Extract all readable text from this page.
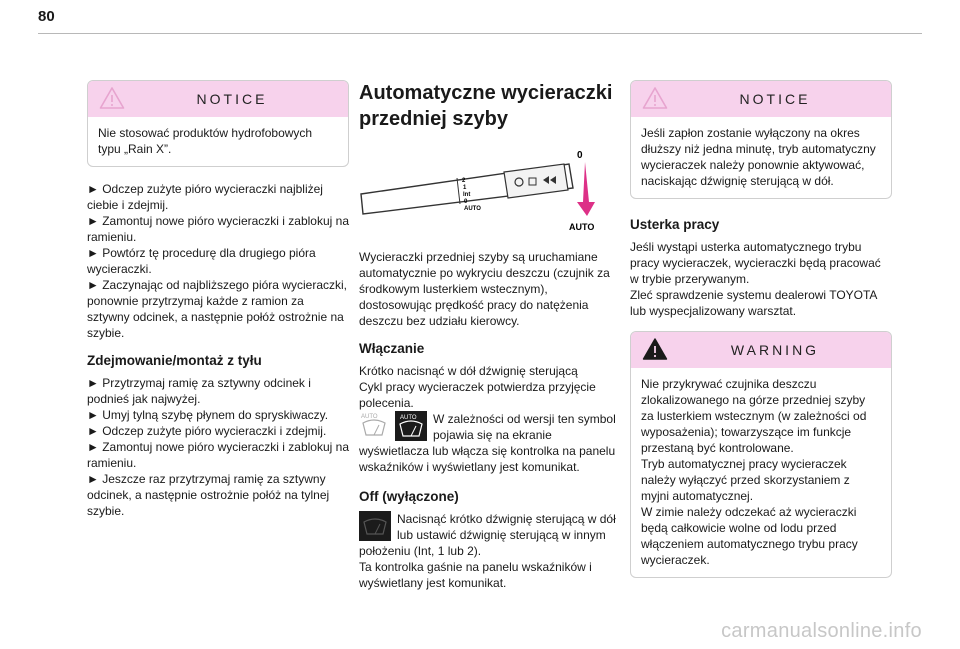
80
NOTICE
Nie stosować produktów hydrofobowych typu „Rain X”.
► Odczep zużyte pióro wycieraczki najbliżej ciebie i zdejmij.
► Zamontuj nowe pióro wycieraczki i zablokuj na ramieniu.
► Powtórz tę procedurę dla drugiego pióra wycieraczki.
► Zaczynając od najbliższego pióra wycieraczki, ponownie przytrzymaj każde z ramion za sztywny odcinek, a następnie połóż ostrożnie na szybie.
Zdejmowanie/montaż z tyłu
► Przytrzymaj ramię za sztywny odcinek i podnieś jak najwyżej.
► Umyj tylną szybę płynem do spryskiwaczy.
► Odczep zużyte pióro wycieraczki i zdejmij.
► Zamontuj nowe pióro wycieraczki i zablokuj na ramieniu.
► Jeszcze raz przytrzymaj ramię za sztywny odcinek, a następnie ostrożnie połóż na tylnej szybie.
Automatyczne wycieraczki
przedniej szyby
2
1
Int
0
AUTO
0
AUTO
Wycieraczki przedniej szyby są uruchamiane automatycznie po wykryciu deszczu (czujnik za środkowym lusterkiem wstecznym), dostosowując prędkość pracy do natężenia deszczu bez udziału kierowcy.
Włączanie
Krótko nacisnąć w dół dźwignię sterującą
Cykl pracy wycieraczek potwierdza przyjęcie polecenia.
AUTO	AUTO W zależności od wersji ten symbol pojawia się na ekranie
wyświetlacza lub włącza się kontrolka na panelu wskaźników i wyświetlany jest komunikat.
Off (wyłączone)
Nacisnąć krótko dźwignię sterującą w dół lub ustawić dźwignię sterującą w innym
położeniu (Int, 1 lub 2).
Ta kontrolka gaśnie na panelu wskaźników i wyświetlany jest komunikat.
NOTICE
Jeśli zapłon zostanie wyłączony na okres dłuższy niż jedna minutę, tryb automatyczny wycieraczek należy ponownie aktywować, naciskając dźwignię sterującą w dół.
Usterka pracy
Jeśli wystąpi usterka automatycznego trybu pracy wycieraczek, wycieraczki będą pracować w trybie przerywanym.
Zleć sprawdzenie systemu dealerowi TOYOTA lub wyspecjalizowany warsztat.
WARNING
Nie przykrywać czujnika deszczu zlokalizowanego na górze przedniej szyby za lusterkiem wstecznym (w zależności od wyposażenia); towarzyszące im funkcje przestaną być kontrolowane.
Tryb automatycznej pracy wycieraczek należy wyłączyć przed skorzystaniem z myjni automatycznej.
W zimie należy odczekać aż wycieraczki będą całkowicie wolne od lodu przed włączeniem automatycznego trybu pracy wycieraczek.
carmanualsonline.info
